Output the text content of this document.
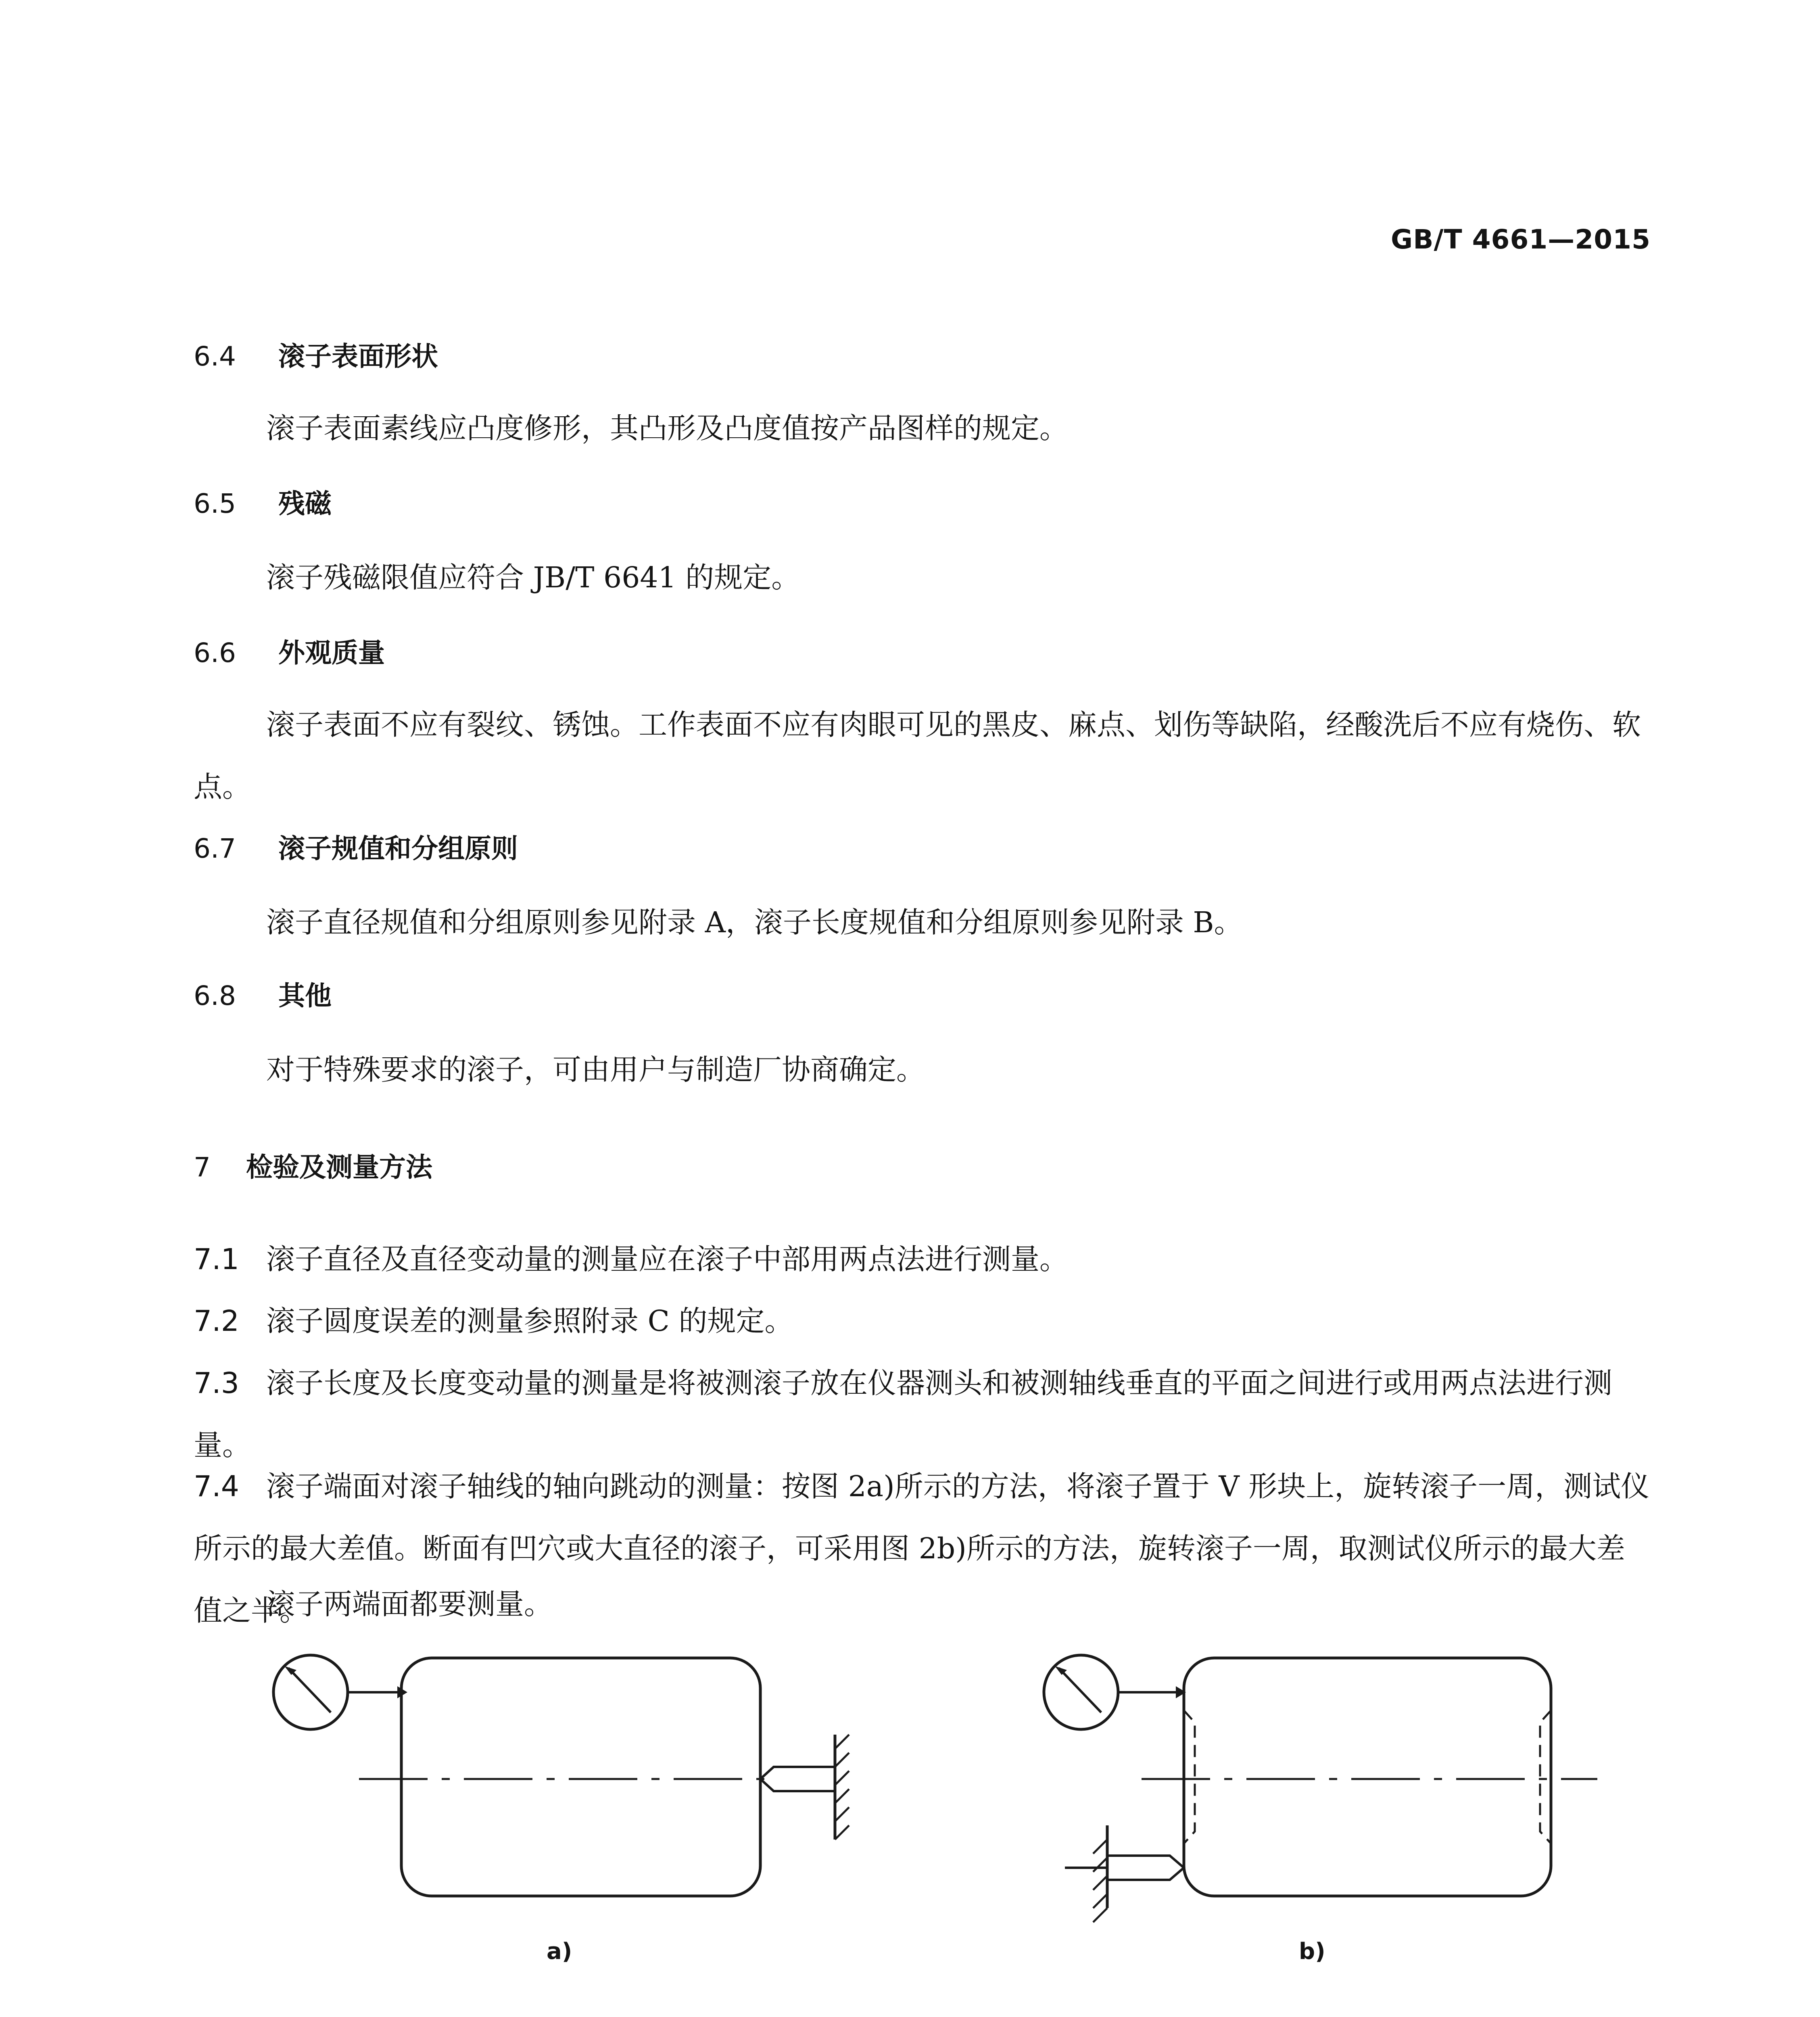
GB/T 4661—2015
6.4 滚子表面形状
滚子表面素线应凸度修形，其凸形及凸度值按产品图样的规定。
6.5 残磁
滚子残磁限值应符合 JB/T 6641 的规定。
6.6 外观质量
滚子表面不应有裂纹、锈蚀。工作表面不应有肉眼可见的黑皮、麻点、划伤等缺陷，经酸洗后不应有烧伤、软点。
6.7 滚子规值和分组原则
滚子直径规值和分组原则参见附录 A，滚子长度规值和分组原则参见附录 B。
6.8 其他
对于特殊要求的滚子，可由用户与制造厂协商确定。
7 检验及测量方法
7.1 滚子直径及直径变动量的测量应在滚子中部用两点法进行测量。
7.2 滚子圆度误差的测量参照附录 C 的规定。
7.3 滚子长度及长度变动量的测量是将被测滚子放在仪器测头和被测轴线垂直的平面之间进行或用两点法进行测量。
7.4 滚子端面对滚子轴线的轴向跳动的测量：按图 2a)所示的方法，将滚子置于 V 形块上，旋转滚子一周，测试仪所示的最大差值。断面有凹穴或大直径的滚子，可采用图 2b)所示的方法，旋转滚子一周，取测试仪所示的最大差值之半。
滚子两端面都要测量。
a)	b)
